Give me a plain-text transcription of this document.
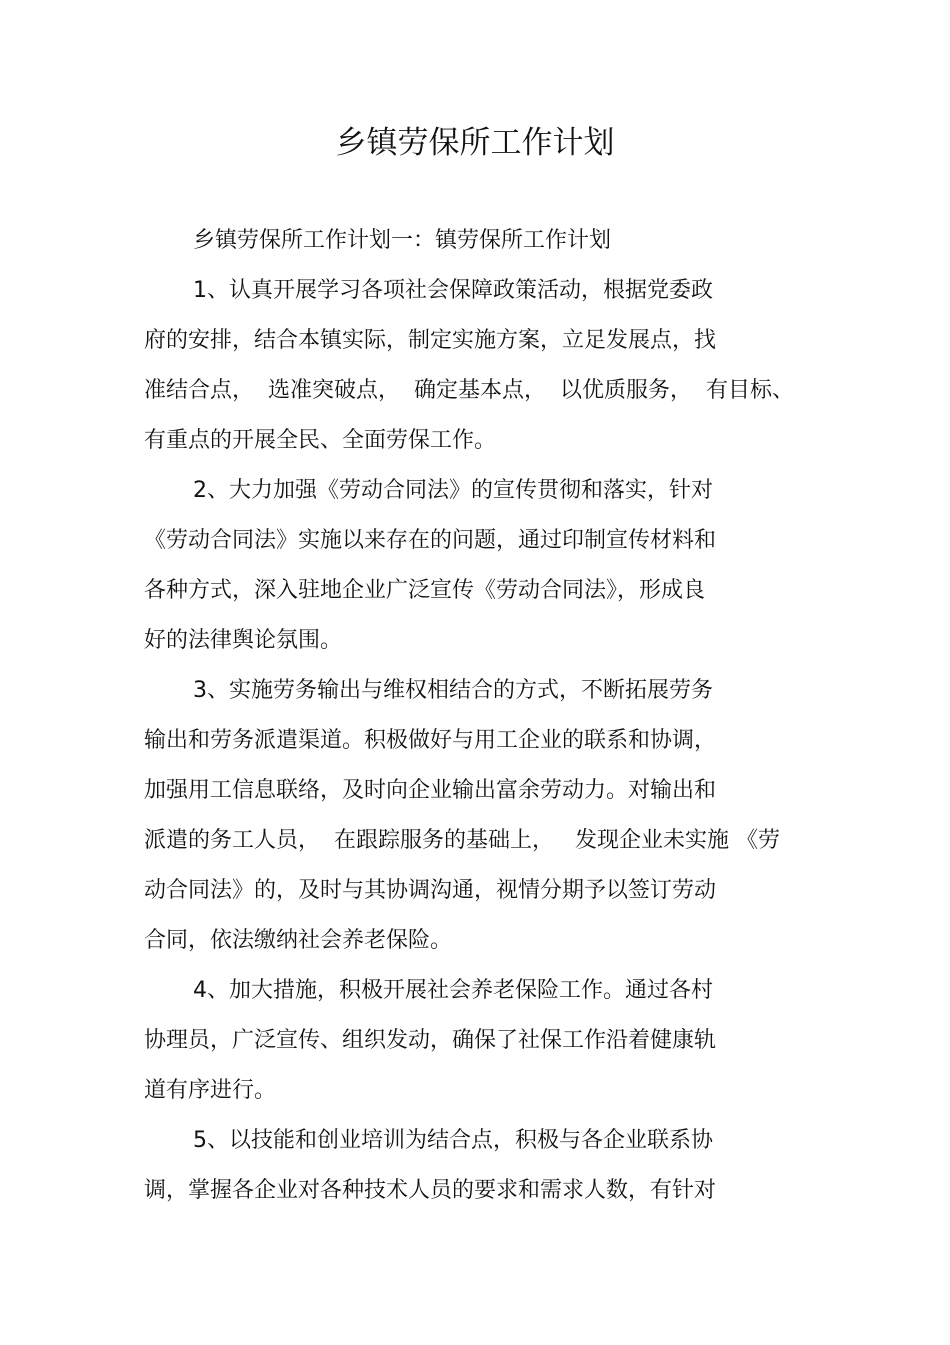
乡镇劳保所工作计划
乡镇劳保所工作计划一：镇劳保所工作计划
1、认真开展学习各项社会保障政策活动，根据党委政
府的安排，结合本镇实际，制定实施方案，立足发展点，找
准结合点，  选准突破点，  确定基本点，  以优质服务，  有目标、
有重点的开展全民、全面劳保工作。
2、大力加强《劳动合同法》的宣传贯彻和落实，针对
《劳动合同法》实施以来存在的问题，通过印制宣传材料和
各种方式，深入驻地企业广泛宣传《劳动合同法》，形成良
好的法律舆论氛围。
3、实施劳务输出与维权相结合的方式，不断拓展劳务
输出和劳务派遣渠道。积极做好与用工企业的联系和协调，
加强用工信息联络，及时向企业输出富余劳动力。对输出和
派遣的务工人员，  在跟踪服务的基础上，   发现企业未实施 《劳
动合同法》的，及时与其协调沟通，视情分期予以签订劳动
合同，依法缴纳社会养老保险。
4、加大措施，积极开展社会养老保险工作。通过各村
协理员，广泛宣传、组织发动，确保了社保工作沿着健康轨
道有序进行。
5、以技能和创业培训为结合点，积极与各企业联系协
调，掌握各企业对各种技术人员的要求和需求人数，有针对
